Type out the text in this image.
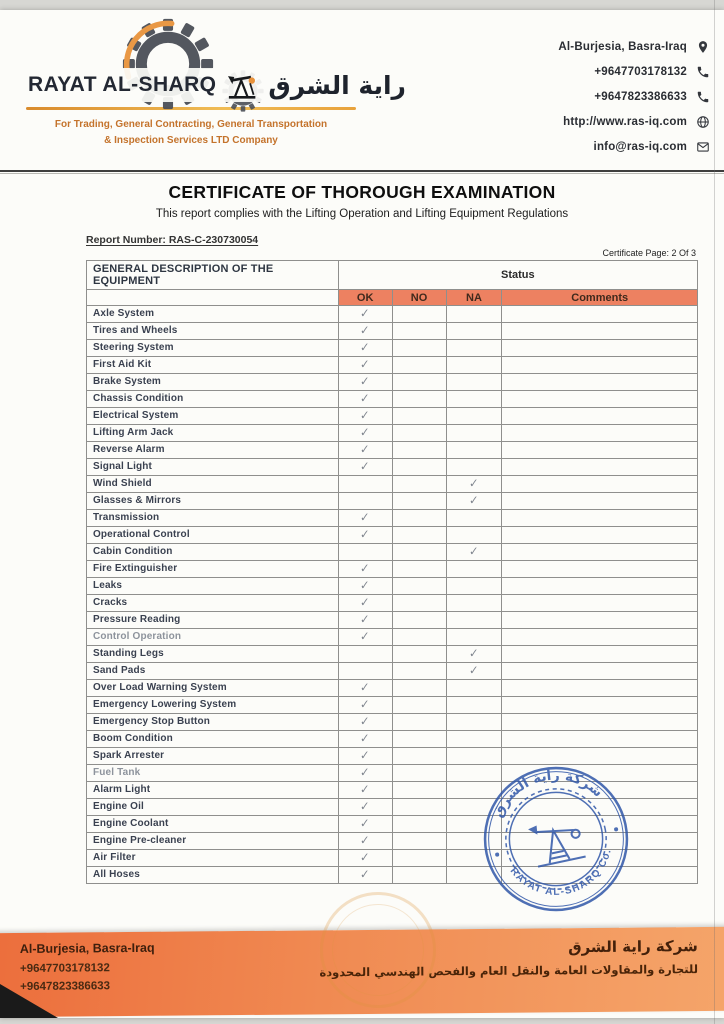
RAYAT AL-SHARQ راية الشرق
For Trading, General Contracting, General Transportation
& Inspection Services LTD Company
Al-Burjesia, Basra-Iraq
+9647703178132
+9647823386633
http://www.ras-iq.com
info@ras-iq.com
CERTIFICATE OF THOROUGH EXAMINATION
This report complies with the Lifting Operation and Lifting Equipment Regulations
Report Number: RAS-C-230730054
Certificate Page: 2 Of 3
GENERAL DESCRIPTION OF THE EQUIPMENT	Status			
	OK	NO	NA	Comments
Axle System	✓			
Tires and Wheels	✓			
Steering System	✓			
First Aid Kit	✓			
Brake System	✓			
Chassis Condition	✓			
Electrical System	✓			
Lifting Arm Jack	✓			
Reverse Alarm	✓			
Signal Light	✓			
Wind Shield			✓	
Glasses & Mirrors			✓	
Transmission	✓			
Operational Control	✓			
Cabin Condition			✓	
Fire Extinguisher	✓			
Leaks	✓			
Cracks	✓			
Pressure Reading	✓			
Control Operation	✓			
Standing Legs			✓	
Sand Pads			✓	
Over Load Warning System	✓			
Emergency Lowering System	✓			
Emergency Stop Button	✓			
Boom Condition	✓			
Spark Arrester	✓			
Fuel Tank	✓			
Alarm Light	✓			
Engine Oil	✓			
Engine Coolant	✓			
Engine Pre-cleaner	✓			
Air Filter	✓			
All Hoses	✓			
شركة راية الشرق
RAYAT AL-SHARQ Co.
Al-Burjesia, Basra-Iraq
+9647703178132
+9647823386633
شركة راية الشرق
للتجارة والمقاولات العامة والنقل العام والفحص الهندسي المحدودة
